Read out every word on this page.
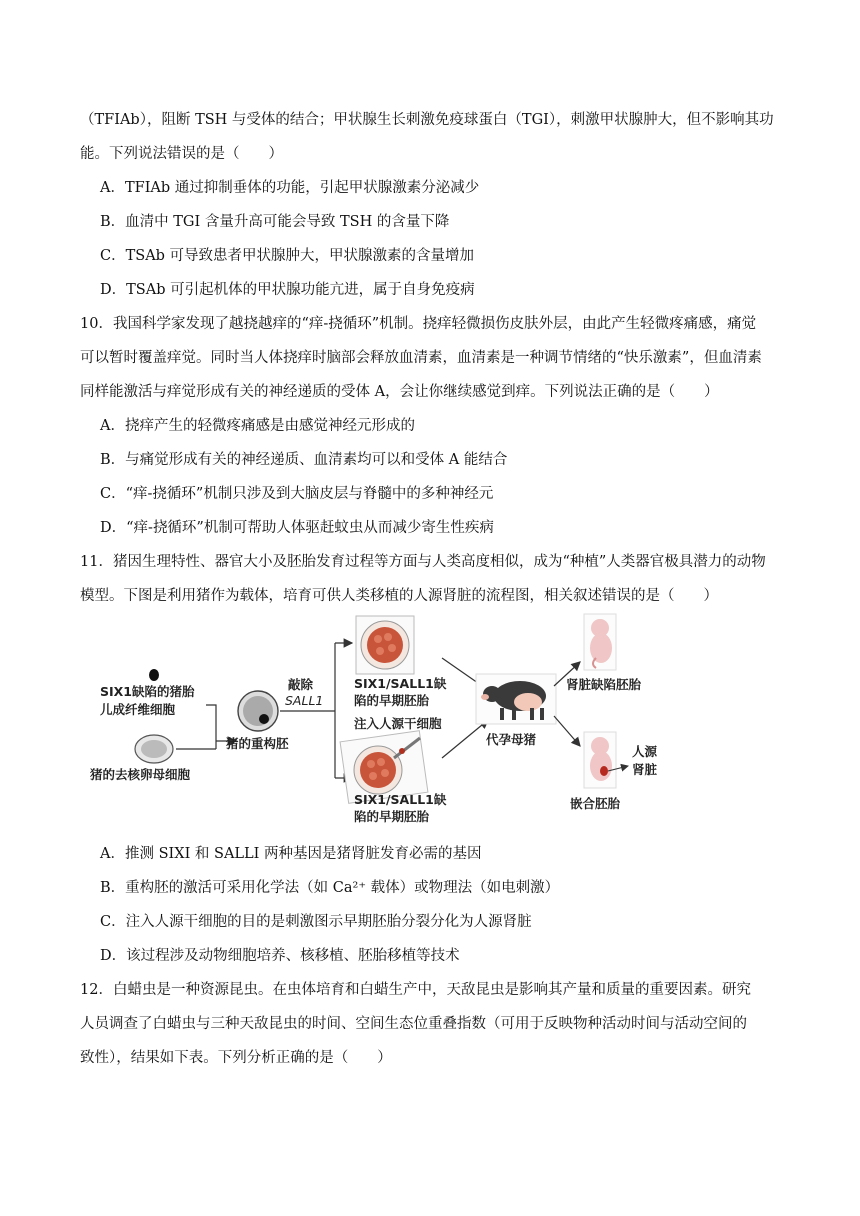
（TFIAb），阻断 TSH 与受体的结合；甲状腺生长刺激免疫球蛋白（TGI），刺激甲状腺肿大，但不影响其功
能。下列说法错误的是（　　）
A．TFIAb 通过抑制垂体的功能，引起甲状腺激素分泌减少
B．血清中 TGI 含量升高可能会导致 TSH 的含量下降
C．TSAb 可导致患者甲状腺肿大，甲状腺激素的含量增加
D．TSAb 可引起机体的甲状腺功能亢进，属于自身免疫病
10．我国科学家发现了越挠越痒的“痒-挠循环”机制。挠痒轻微损伤皮肤外层，由此产生轻微疼痛感，痛觉
可以暂时覆盖痒觉。同时当人体挠痒时脑部会释放血清素，血清素是一种调节情绪的“快乐激素”，但血清素
同样能激活与痒觉形成有关的神经递质的受体 A，会让你继续感觉到痒。下列说法正确的是（　　）
A．挠痒产生的轻微疼痛感是由感觉神经元形成的
B．与痛觉形成有关的神经递质、血清素均可以和受体 A 能结合
C．“痒-挠循环”机制只涉及到大脑皮层与脊髓中的多种神经元
D．“痒-挠循环”机制可帮助人体驱赶蚊虫从而减少寄生性疾病
11．猪因生理特性、器官大小及胚胎发育过程等方面与人类高度相似，成为“种植”人类器官极具潜力的动物
模型。下图是利用猪作为载体，培育可供人类移植的人源肾脏的流程图，相关叙述错误的是（　　）
SIX1缺陷的猪胎
儿成纤维细胞
猪的去核卵母细胞
猪的重构胚
敲除
SALL1
SIX1/SALL1缺
陷的早期胚胎
注入人源干细胞
SIX1/SALL1缺
陷的早期胚胎
代孕母猪
肾脏缺陷胚胎
人源
肾脏
嵌合胚胎
A．推测 SIXI 和 SALLI 两种基因是猪肾脏发育必需的基因
B．重构胚的激活可采用化学法（如 Ca²⁺ 载体）或物理法（如电刺激）
C．注入人源干细胞的目的是刺激图示早期胚胎分裂分化为人源肾脏
D．该过程涉及动物细胞培养、核移植、胚胎移植等技术
12．白蜡虫是一种资源昆虫。在虫体培育和白蜡生产中，天敌昆虫是影响其产量和质量的重要因素。研究
人员调查了白蜡虫与三种天敌昆虫的时间、空间生态位重叠指数（可用于反映物种活动时间与活动空间的
致性），结果如下表。下列分析正确的是（　　）
